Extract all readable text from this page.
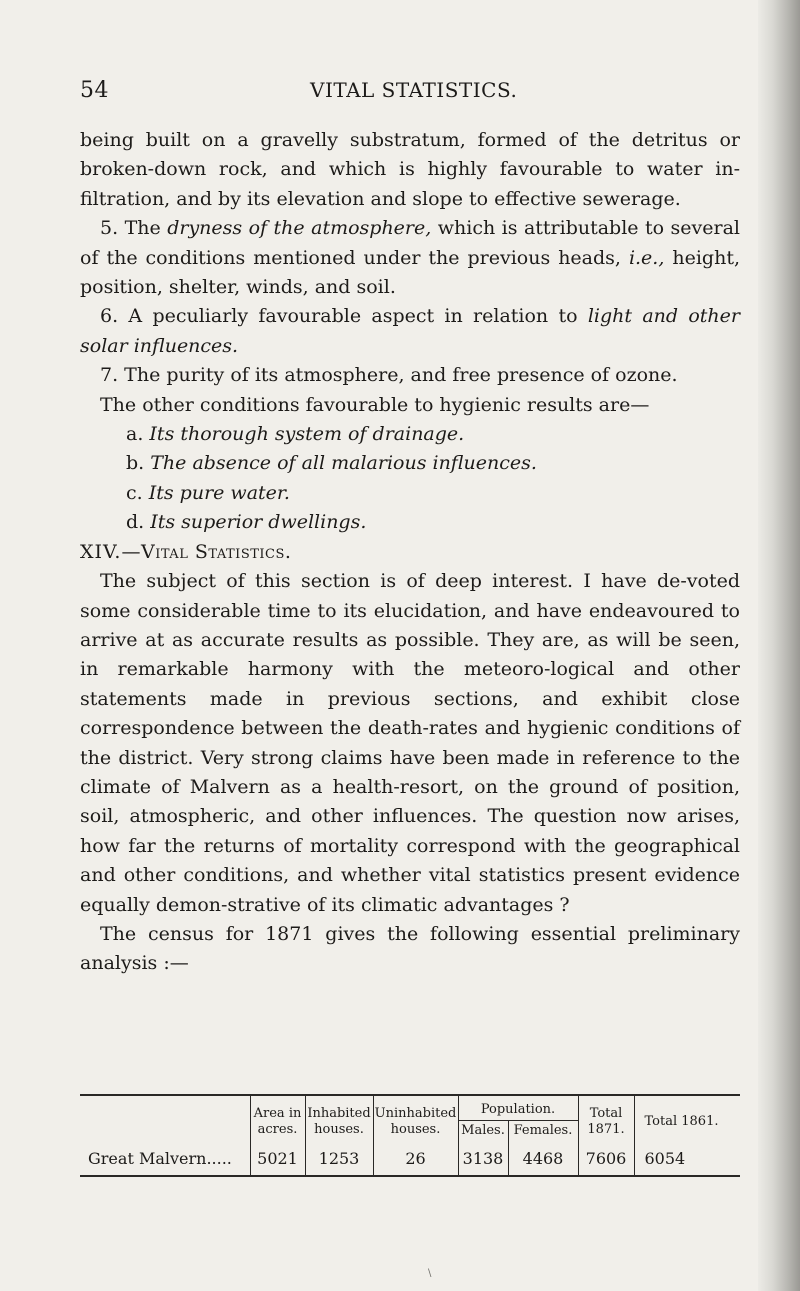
54	VITAL STATISTICS.

being built on a gravelly substratum, formed of the detritus or broken-down rock, and which is highly favourable to water in-filtration, and by its elevation and slope to effective sewerage.

5. The dryness of the atmosphere, which is attributable to several of the conditions mentioned under the previous heads, i.e., height, position, shelter, winds, and soil.

6. A peculiarly favourable aspect in relation to light and other solar influences.

7. The purity of its atmosphere, and free presence of ozone.

The other conditions favourable to hygienic results are—

a. Its thorough system of drainage.

b. The absence of all malarious influences.

c. Its pure water.

d. Its superior dwellings.

XIV.—Vital Statistics.

The subject of this section is of deep interest. I have de-voted some considerable time to its elucidation, and have endeavoured to arrive at as accurate results as possible. They are, as will be seen, in remarkable harmony with the meteoro-logical and other statements made in previous sections, and exhibit close correspondence between the death-rates and hygienic conditions of the district. Very strong claims have been made in reference to the climate of Malvern as a health-resort, on the ground of position, soil, atmospheric, and other influences. The question now arises, how far the returns of mortality correspond with the geographical and other conditions, and whether vital statistics present evidence equally demon-strative of its climatic advantages ?

The census for 1871 gives the following essential preliminary analysis :—

	Area in acres.	Inhabited houses.	Uninhabited houses.	Population.		Total 1871.	Total 1861.
				Males.	Females.		
Great Malvern.....	5021	1253	26	3138	4468	7606	6054
\
